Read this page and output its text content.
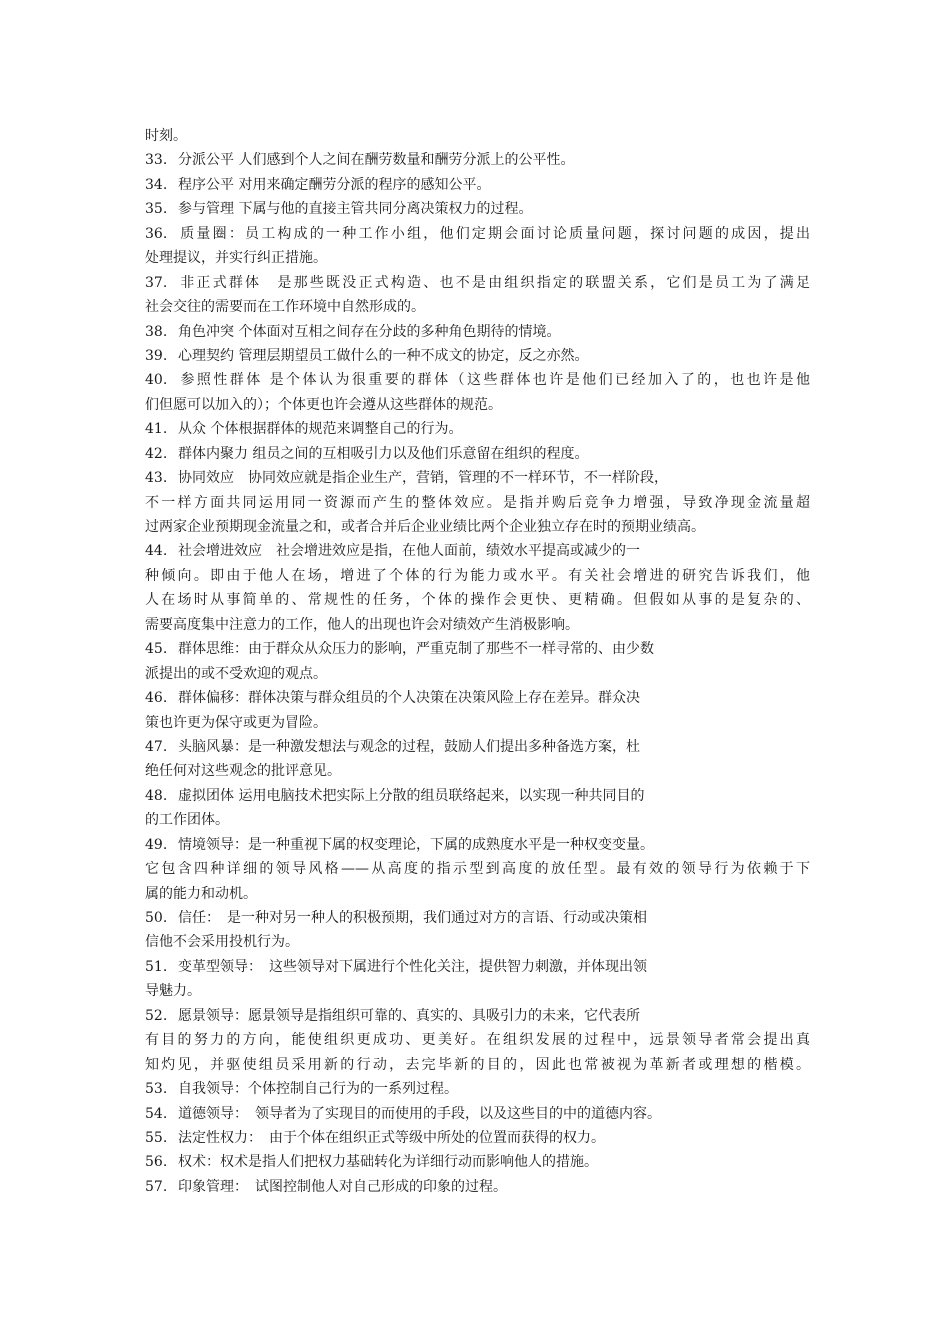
时刻。
33. 分派公平 人们感到个人之间在酬劳数量和酬劳分派上的公平性。
34. 程序公平 对用来确定酬劳分派的程序的感知公平。
35. 参与管理 下属与他的直接主管共同分离决策权力的过程。
36. 质量圈：员工构成的一种工作小组，他们定期会面讨论质量问题，探讨问题的成因，提出
处理提议，并实行纠正措施。
37. 非正式群体　是那些既没正式构造、也不是由组织指定的联盟关系，它们是员工为了满足
社会交往的需要而在工作环境中自然形成的。
38. 角色冲突 个体面对互相之间存在分歧的多种角色期待的情境。
39. 心理契约 管理层期望员工做什么的一种不成文的协定，反之亦然。
40. 参照性群体 是个体认为很重要的群体（这些群体也许是他们已经加入了的，也也许是他
们但愿可以加入的）；个体更也许会遵从这些群体的规范。
41. 从众 个体根据群体的规范来调整自己的行为。
42. 群体内聚力 组员之间的互相吸引力以及他们乐意留在组织的程度。
43. 协同效应　协同效应就是指企业生产，营销，管理的不一样环节，不一样阶段，
不一样方面共同运用同一资源而产生的整体效应。是指并购后竞争力增强，导致净现金流量超
过两家企业预期现金流量之和，或者合并后企业业绩比两个企业独立存在时的预期业绩高。
44. 社会增进效应　社会增进效应是指，在他人面前，绩效水平提高或减少的一
种倾向。即由于他人在场，增进了个体的行为能力或水平。有关社会增进的研究告诉我们，他
人在场时从事简单的、常规性的任务，个体的操作会更快、更精确。但假如从事的是复杂的、
需要高度集中注意力的工作，他人的出现也许会对绩效产生消极影响。
45. 群体思维：由于群众从众压力的影响，严重克制了那些不一样寻常的、由少数
派提出的或不受欢迎的观点。
46. 群体偏移：群体决策与群众组员的个人决策在决策风险上存在差异。群众决
策也许更为保守或更为冒险。
47. 头脑风暴：是一种激发想法与观念的过程，鼓励人们提出多种备选方案，杜
绝任何对这些观念的批评意见。
48. 虚拟团体 运用电脑技术把实际上分散的组员联络起来，以实现一种共同目的
的工作团体。
49. 情境领导：是一种重视下属的权变理论，下属的成熟度水平是一种权变变量。
它包含四种详细的领导风格——从高度的指示型到高度的放任型。最有效的领导行为依赖于下
属的能力和动机。
50. 信任：　是一种对另一种人的积极预期，我们通过对方的言语、行动或决策相
信他不会采用投机行为。
51. 变革型领导：　这些领导对下属进行个性化关注，提供智力刺激，并体现出领
导魅力。
52. 愿景领导：愿景领导是指组织可靠的、真实的、具吸引力的未来，它代表所
有目的努力的方向，能使组织更成功、更美好。在组织发展的过程中，远景领导者常会提出真
知灼见，并驱使组员采用新的行动，去完毕新的目的，因此也常被视为革新者或理想的楷模。
53. 自我领导：个体控制自己行为的一系列过程。
54. 道德领导：　领导者为了实现目的而使用的手段，以及这些目的中的道德内容。
55. 法定性权力：　由于个体在组织正式等级中所处的位置而获得的权力。
56. 权术：权术是指人们把权力基础转化为详细行动而影响他人的措施。
57. 印象管理：　试图控制他人对自己形成的印象的过程。
